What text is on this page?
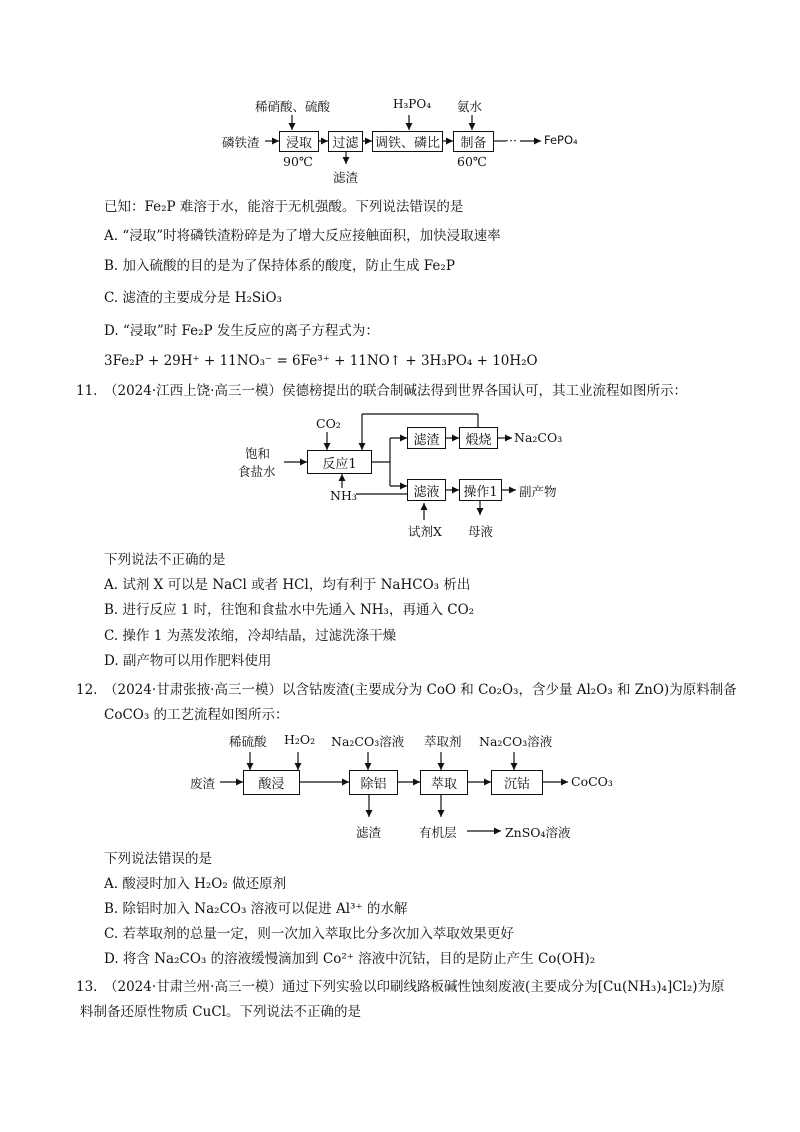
稀硝酸、硫酸	H₃PO₄ 氨水
磷铁渣	浸取	过滤	调铁、磷比	制备
90℃	60℃
滤渣
··· FePO₄
已知：Fe₂P 难溶于水，能溶于无机强酸。下列说法错误的是
A. “浸取”时将磷铁渣粉碎是为了增大反应接触面积，加快浸取速率
B. 加入硫酸的目的是为了保持体系的酸度，防止生成 Fe₂P
C. 滤渣的主要成分是 H₂SiO₃
D. “浸取”时 Fe₂P 发生反应的离子方程式为：
3Fe₂P + 29H⁺ + 11NO₃⁻ = 6Fe³⁺ + 11NO↑ + 3H₃PO₄ + 10H₂O
11. （2024·江西上饶·高三一模）侯德榜提出的联合制碱法得到世界各国认可，其工业流程如图所示：
CO₂
饱和
食盐水	反应1
NH₃
滤渣	煅烧	Na₂CO₃
滤液	操作1	副产物
试剂X 母液
下列说法不正确的是
A. 试剂 X 可以是 NaCl 或者 HCl，均有利于 NaHCO₃ 析出
B. 进行反应 1 时，往饱和食盐水中先通入 NH₃，再通入 CO₂
C. 操作 1 为蒸发浓缩，冷却结晶，过滤洗涤干燥
D. 副产物可以用作肥料使用
12. （2024·甘肃张掖·高三一模）以含钴废渣(主要成分为 CoO 和 Co₂O₃，含少量 Al₂O₃ 和 ZnO)为原料制备
CoCO₃ 的工艺流程如图所示：
稀硫酸 H₂O₂ Na₂CO₃溶液 萃取剂 Na₂CO₃溶液
废渣	酸浸	除铝	萃取	沉钴	CoCO₃
滤渣	有机层	ZnSO₄溶液
下列说法错误的是
A. 酸浸时加入 H₂O₂ 做还原剂
B. 除铝时加入 Na₂CO₃ 溶液可以促进 Al³⁺ 的水解
C. 若萃取剂的总量一定，则一次加入萃取比分多次加入萃取效果更好
D. 将含 Na₂CO₃ 的溶液缓慢滴加到 Co²⁺ 溶液中沉钴，目的是防止产生 Co(OH)₂
13. （2024·甘肃兰州·高三一模）通过下列实验以印刷线路板碱性蚀刻废液(主要成分为[Cu(NH₃)₄]Cl₂)为原
料制备还原性物质 CuCl。下列说法不正确的是
